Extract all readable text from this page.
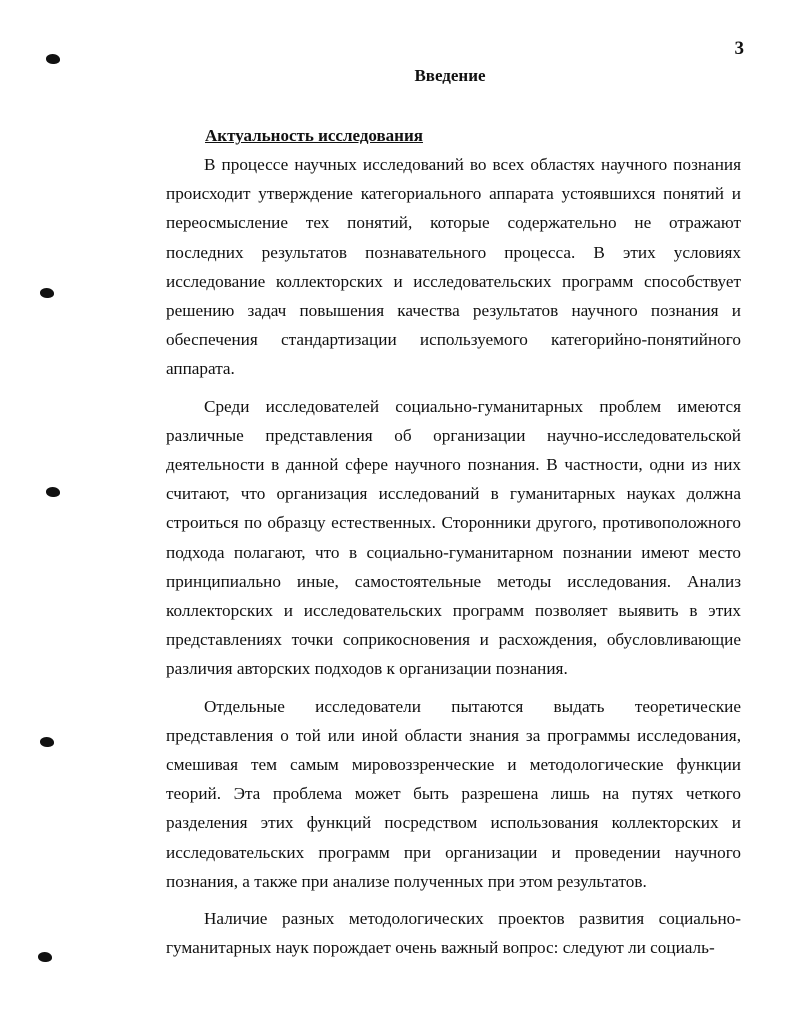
3
Введение
Актуальность исследования

В процессе научных исследований во всех областях научного познания происходит утверждение категориального аппарата устоявшихся понятий и переосмысление тех понятий, которые содержательно не отражают последних результатов познавательного процесса. В этих условиях исследование коллекторских и исследовательских программ способствует решению задач повышения качества результатов научного познания и обеспечения стандартизации используемого категорийно-понятийного аппарата.

Среди исследователей социально-гуманитарных проблем имеются различные представления об организации научно-исследовательской деятельности в данной сфере научного познания. В частности, одни из них считают, что организация исследований в гуманитарных науках должна строиться по образцу естественных. Сторонники другого, противоположного подхода полагают, что в социально-гуманитарном познании имеют место принципиально иные, самостоятельные методы исследования. Анализ коллекторских и исследовательских программ позволяет выявить в этих представлениях точки соприкосновения и расхождения, обусловливающие различия авторских подходов к организации познания.

Отдельные исследователи пытаются выдать теоретические представления о той или иной области знания за программы исследования, смешивая тем самым мировоззренческие и методологические функции теорий. Эта проблема может быть разрешена лишь на путях четкого разделения этих функций посредством использования коллекторских и исследовательских программ при организации и проведении научного познания, а также при анализе полученных при этом результатов.

Наличие разных методологических проектов развития социально-гуманитарных наук порождает очень важный вопрос: следуют ли социаль-
